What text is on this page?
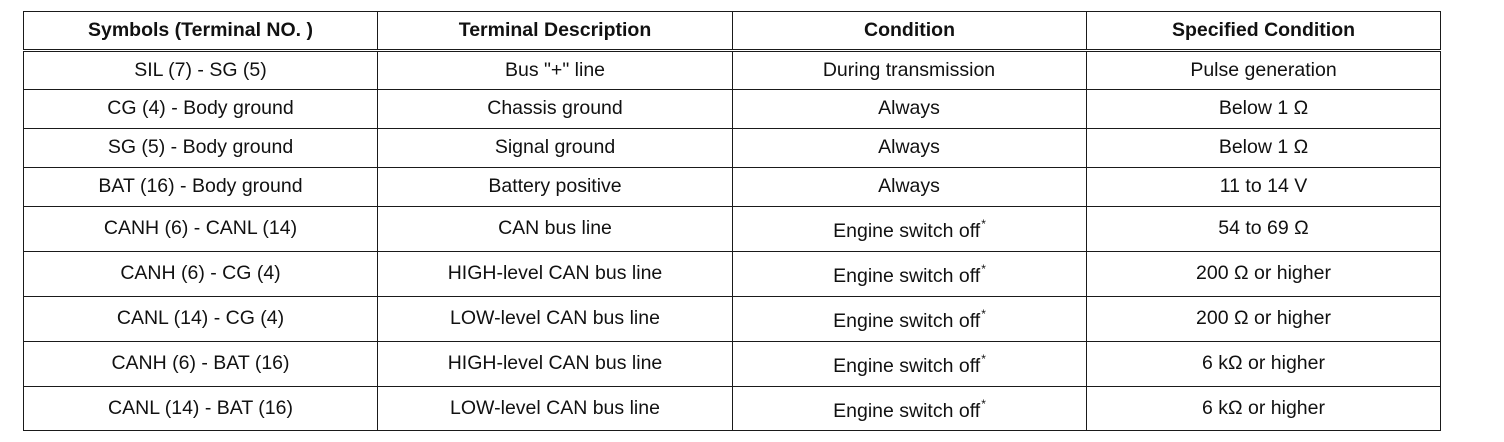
Symbols (Terminal NO. )	Terminal Description	Condition	Specified Condition
SIL (7) - SG (5)	Bus "+" line	During transmission	Pulse generation
CG (4) - Body ground	Chassis ground	Always	Below 1 Ω
SG (5) - Body ground	Signal ground	Always	Below 1 Ω
BAT (16) - Body ground	Battery positive	Always	11 to 14 V
CANH (6) - CANL (14)	CAN bus line	Engine switch off*	54 to 69 Ω
CANH (6) - CG (4)	HIGH-level CAN bus line	Engine switch off*	200 Ω or higher
CANL (14) - CG (4)	LOW-level CAN bus line	Engine switch off*	200 Ω or higher
CANH (6) - BAT (16)	HIGH-level CAN bus line	Engine switch off*	6 kΩ or higher
CANL (14) - BAT (16)	LOW-level CAN bus line	Engine switch off*	6 kΩ or higher
